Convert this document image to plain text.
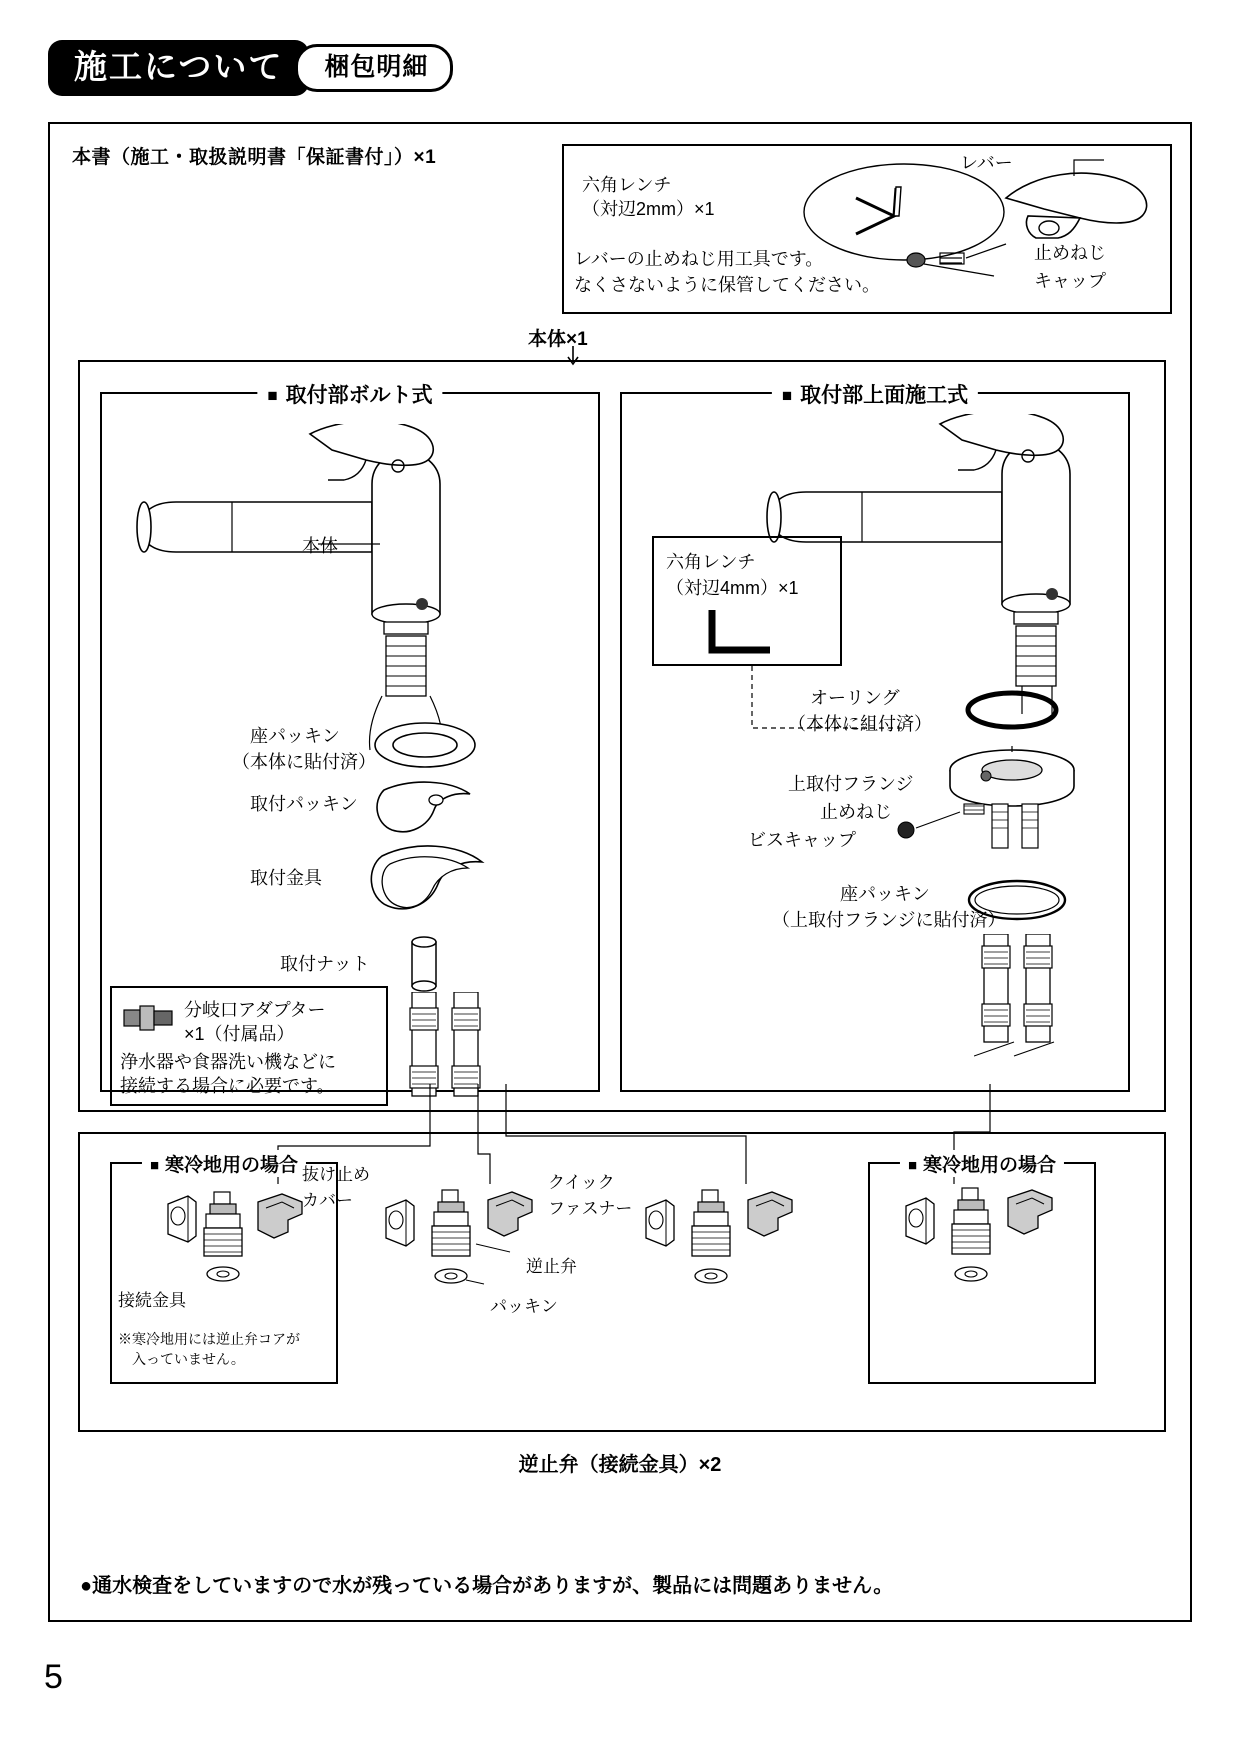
施工について	梱包明細
本書（施工・取扱説明書「保証書付」）×1
六角レンチ
（対辺2mm）×1
レバーの止めねじ用工具です。
なくさないように保管してください。
レバー
止めねじ
キャップ
本体×1
■ 取付部ボルト式
本体
座パッキン
（本体に貼付済）
取付パッキン
取付金具
取付ナット
分岐口アダプター
×1（付属品）
浄水器や食器洗い機などに
接続する場合に必要です。
■ 取付部上面施工式
六角レンチ
（対辺4mm）×1
オーリング
（本体に組付済）
上取付フランジ
止めねじ
ビスキャップ
座パッキン
（上取付フランジに貼付済）
■ 寒冷地用の場合
接続金具
※寒冷地用には逆止弁コアが
　入っていません。
抜け止め
カバー
クイック
ファスナー
逆止弁
パッキン
■ 寒冷地用の場合
逆止弁（接続金具）×2
●通水検査をしていますので水が残っている場合がありますが、製品には問題ありません。
5
